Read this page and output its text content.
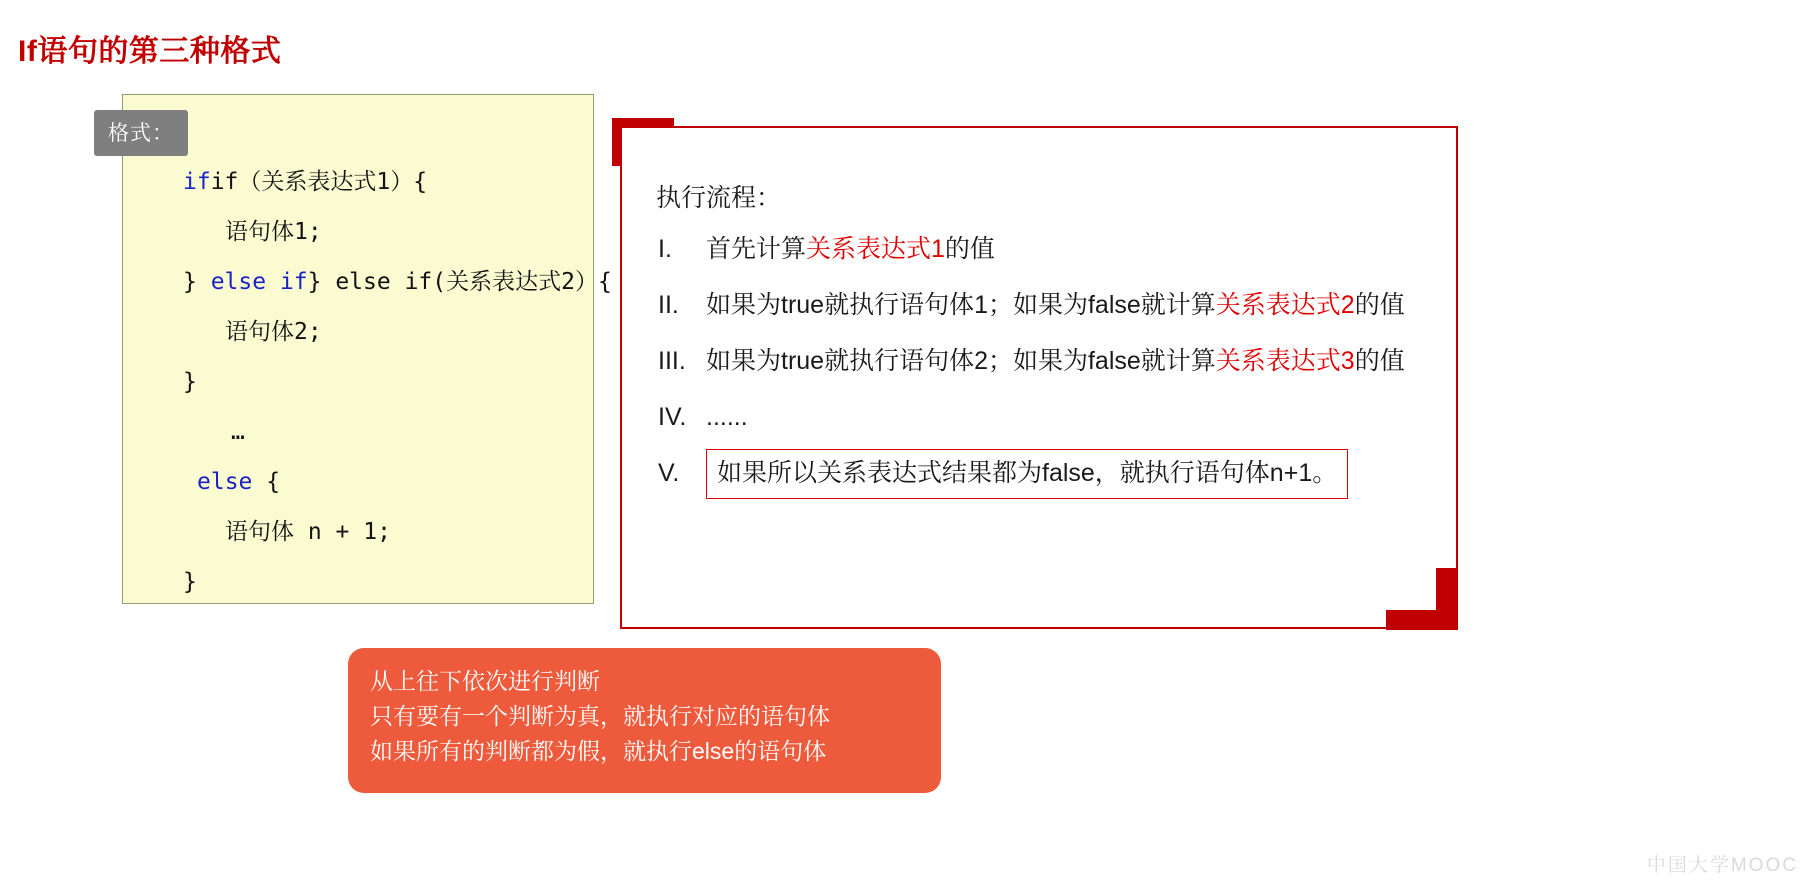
If语句的第三种格式
ifif（关系表达式1）{
语句体1;
} else if} else if(关系表达式2）{
语句体2;
}
…
else {
语句体 n + 1;
}
格式：
执行流程：
I.	首先计算关系表达式1的值
II.	如果为true就执行语句体1；如果为false就计算关系表达式2的值
III. 如果为true就执行语句体2；如果为false就计算关系表达式3的值
IV. ......
V.	如果所以关系表达式结果都为false，就执行语句体n+1。
从上往下依次进行判断
只有要有一个判断为真，就执行对应的语句体
如果所有的判断都为假，就执行else的语句体
中国大学MOOC
